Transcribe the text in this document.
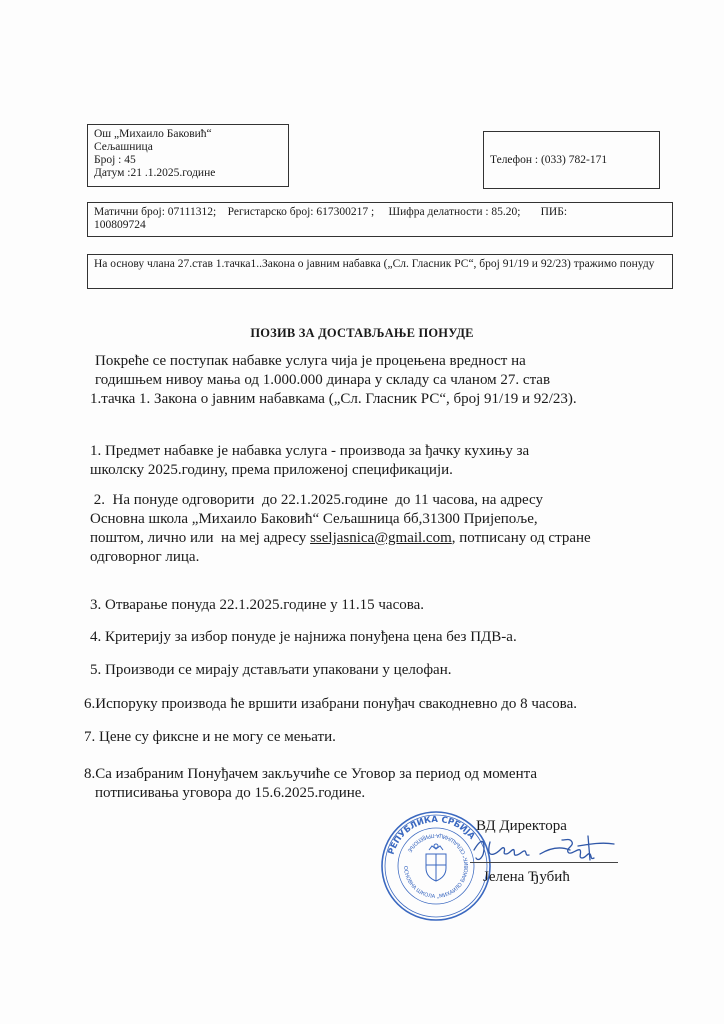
Ош „Михаило Баковић“
Сељашница
Број : 45
Датум :21 .1.2025.године
Телефон : (033) 782-171
Матични број: 07111312; Регистарско број: 617300217 ; Шифра делатности : 85.20; ПИБ:
100809724
На основу члана 27.став 1.тачка1..Закона о јавним набавка („Сл. Гласник РС“, број 91/19 и 92/23) тражимо понуду
ПОЗИВ ЗА ДОСТАВЉАЊЕ ПОНУДЕ
Покреће се поступак набавке услуга чија је процењена вредност на
годишњем нивоу мања од 1.000.000 динара у складу са чланом 27. став
1.тачка 1. Закона о јавним набавкама („Сл. Гласник РС“, број 91/19 и 92/23).
1. Предмет набавке је набавка услуга - производа за ђачку кухињу за
школску 2025.годину, према приложеној спецификацији.
2.  На понуде одговорити  до 22.1.2025.године  до 11 часова, на адресу
Основна школа „Михаило Баковић“ Сељашница бб,31300 Пријепоље,
поштом, лично или  на меј адресу sseljasnica@gmail.com, потписану од стране
одговорног лица.
3. Отварање понуда 22.1.2025.године у 11.15 часова.
4. Критерију за избор понуде је најнижа понуђена цена без ПДВ-а.
5. Производи се мирају дстављати упаковани у целофан.
6.Испоруку производа ће вршити изабрани понуђач свакодневно до 8 часова.
7. Цене су фиксне и не могу се мењати.
8.Са изабраним Понуђачем закључиће се Уговор за период од момента
потписивања уговора до 15.6.2025.године.
РЕПУБЛИКА СРБИЈА
ОСНОВНА ШКОЛА „МИХАИЛО БАКОВИЋ“ СЕЉАШНИЦА-ПРИЈЕПОЉЕ
ВД Директора
Јелена Ђубић
